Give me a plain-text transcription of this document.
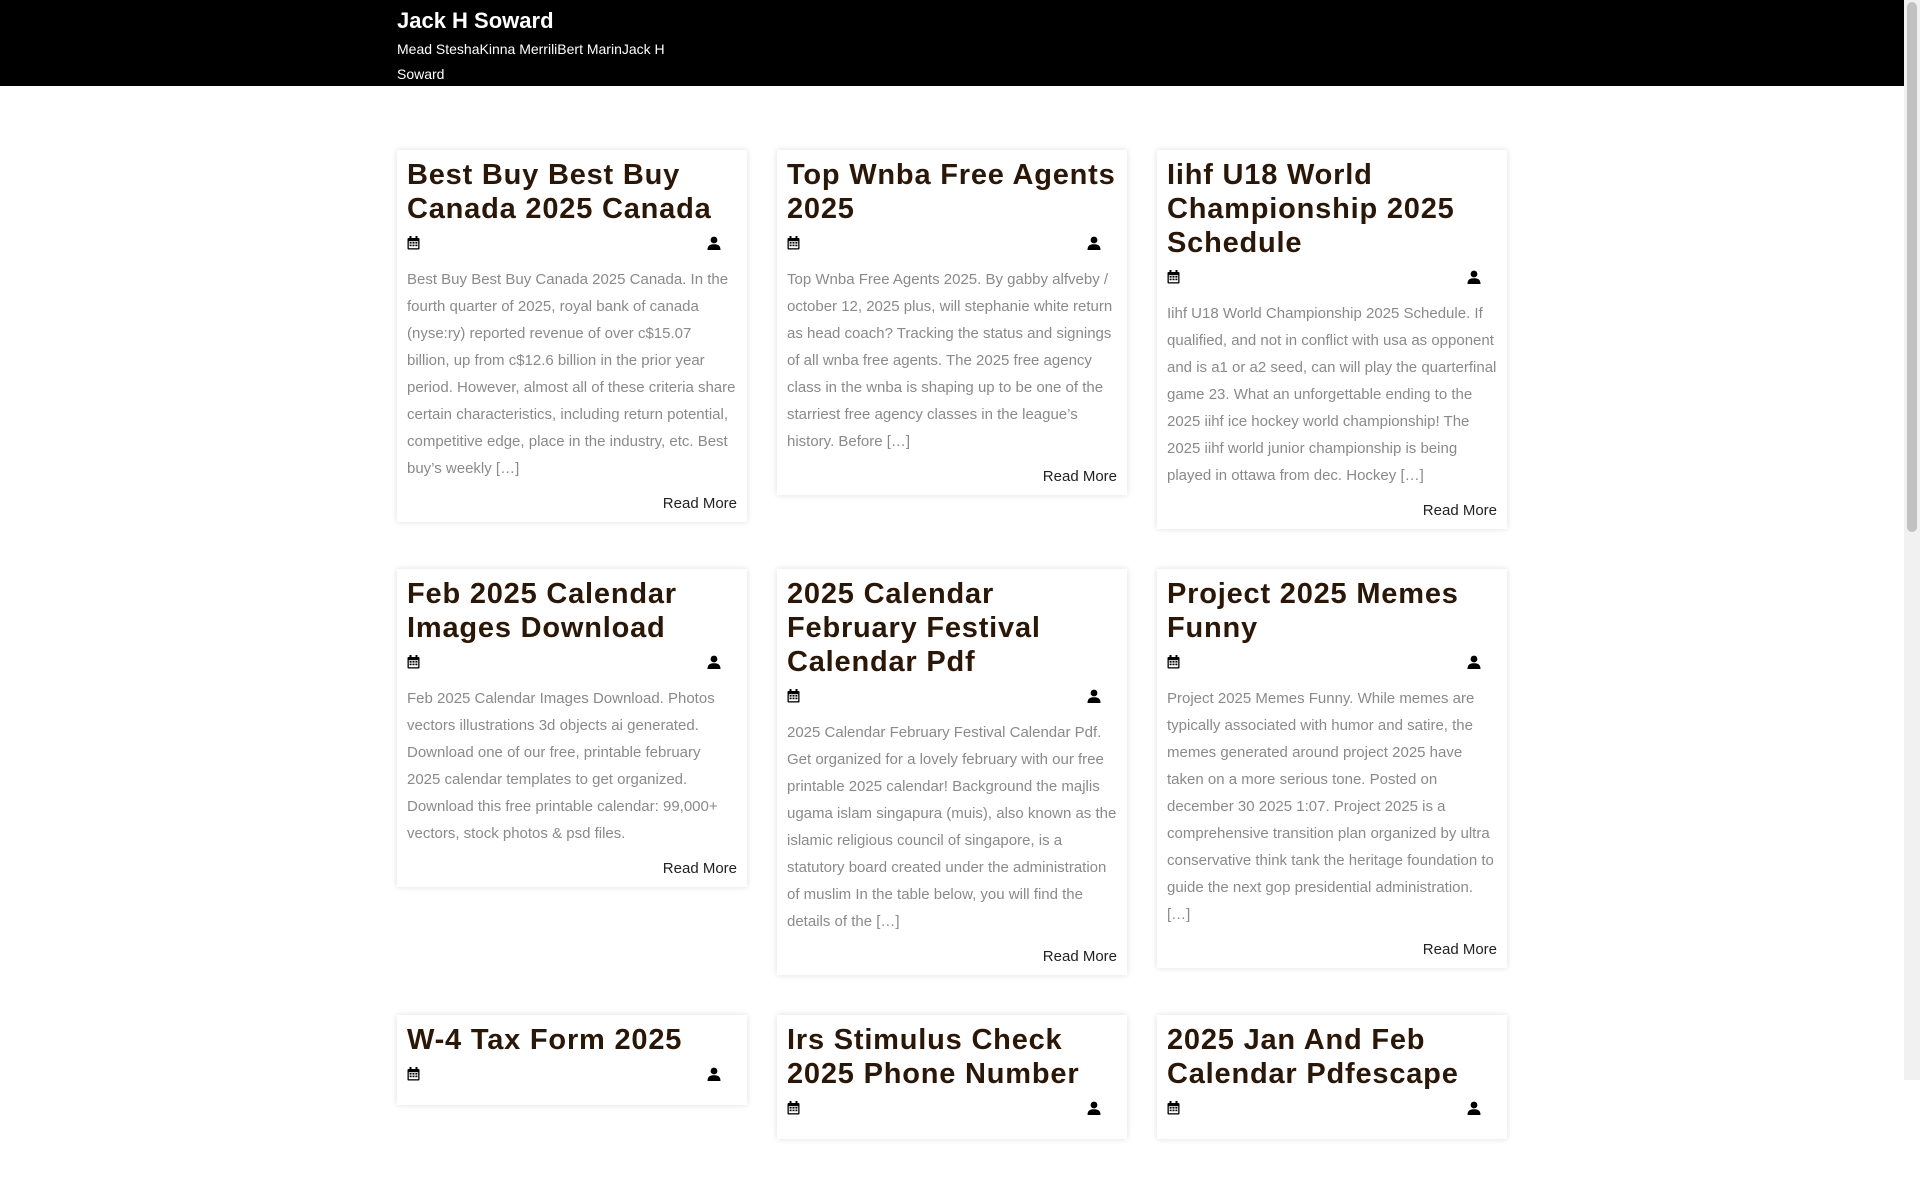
Jack H Soward
Mead SteshaKinna MerriliBert MarinJack H Soward
Best Buy Best Buy Canada 2025 Canada

Best Buy Best Buy Canada 2025 Canada. In the fourth quarter of 2025, royal bank of canada (nyse:ry) reported revenue of over c$15.07 billion, up from c$12.6 billion in the prior year period. However, almost all of these criteria share certain characteristics, including return potential, competitive edge, place in the industry, etc. Best buy’s weekly […]

Read More
Top Wnba Free Agents 2025

Top Wnba Free Agents 2025. By gabby alfveby / october 12, 2025 plus, will stephanie white return as head coach? Tracking the status and signings of all wnba free agents. The 2025 free agency class in the wnba is shaping up to be one of the starriest free agency classes in the league’s history. Before […]

Read More
Iihf U18 World Championship 2025 Schedule

Iihf U18 World Championship 2025 Schedule. If qualified, and not in conflict with usa as opponent and is a1 or a2 seed, can will play the quarterfinal game 23. What an unforgettable ending to the 2025 iihf ice hockey world championship! The 2025 iihf world junior championship is being played in ottawa from dec. Hockey […]

Read More
Feb 2025 Calendar Images Download

Feb 2025 Calendar Images Download. Photos vectors illustrations 3d objects ai generated. Download one of our free, printable february 2025 calendar templates to get organized. Download this free printable calendar: 99,000+ vectors, stock photos & psd files.

Read More
2025 Calendar February Festival Calendar Pdf

2025 Calendar February Festival Calendar Pdf. Get organized for a lovely february with our free printable 2025 calendar! Background the majlis ugama islam singapura (muis), also known as the islamic religious council of singapore, is a statutory board created under the administration of muslim In the table below, you will find the details of the […]

Read More
Project 2025 Memes Funny

Project 2025 Memes Funny. While memes are typically associated with humor and satire, the memes generated around project 2025 have taken on a more serious tone. Posted on december 30 2025 1:07. Project 2025 is a comprehensive transition plan organized by ultra conservative think tank the heritage foundation to guide the next gop presidential administration. […]

Read More
W-4 Tax Form 2025	Irs Stimulus Check 2025 Phone Number
2025 Jan And Feb Calendar Pdfescape
